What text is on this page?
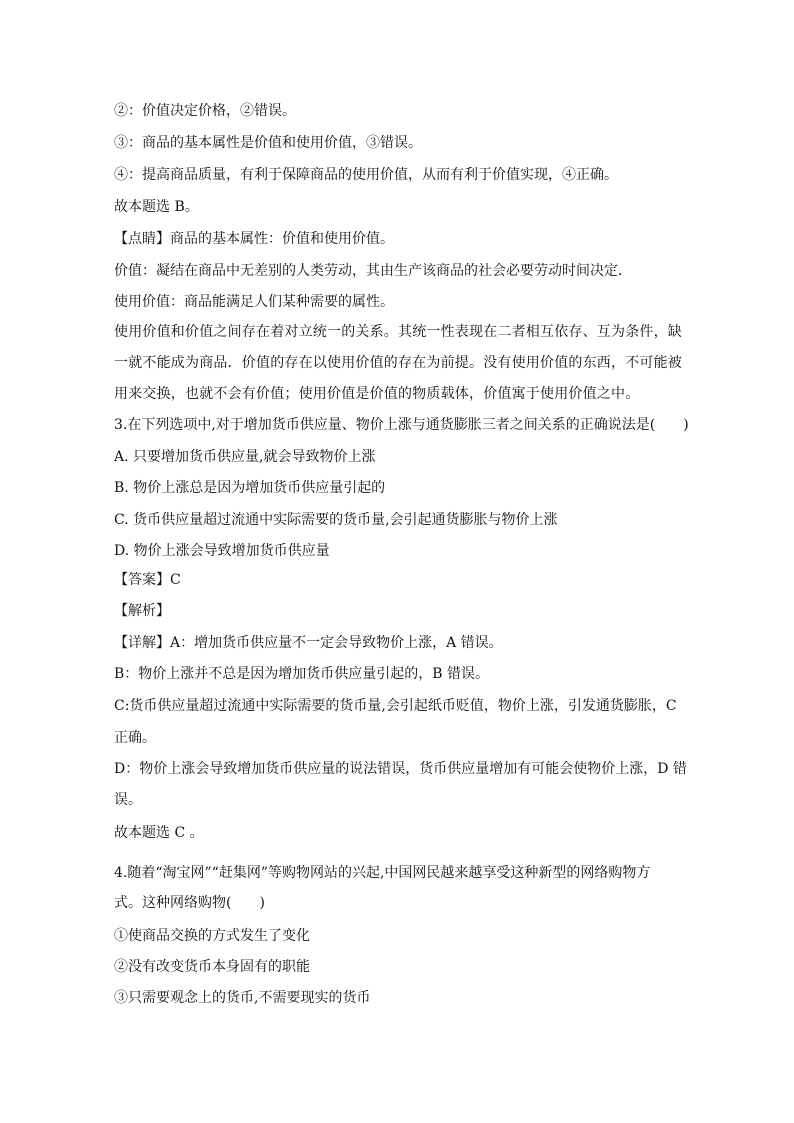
②：价值决定价格，②错误。
③：商品的基本属性是价值和使用价值，③错误。
④：提高商品质量，有利于保障商品的使用价值，从而有利于价值实现，④正确。
故本题选 B。
【点睛】商品的基本属性：价值和使用价值。
价值：凝结在商品中无差别的人类劳动，其由生产该商品的社会必要劳动时间决定．
使用价值：商品能满足人们某种需要的属性。
使用价值和价值之间存在着对立统一的关系。其统一性表现在二者相互依存、互为条件，缺
一就不能成为商品．价值的存在以使用价值的存在为前提。没有使用价值的东西，不可能被
用来交换，也就不会有价值；使用价值是价值的物质载体，价值寓于使用价值之中。
3.在下列选项中,对于增加货币供应量、物价上涨与通货膨胀三者之间关系的正确说法是(　　)
A. 只要增加货币供应量,就会导致物价上涨
B. 物价上涨总是因为增加货币供应量引起的
C. 货币供应量超过流通中实际需要的货币量,会引起通货膨胀与物价上涨
D. 物价上涨会导致增加货币供应量
【答案】C
【解析】
【详解】A：增加货币供应量不一定会导致物价上涨，A 错误。
B：物价上涨并不总是因为增加货币供应量引起的，B 错误。
C:货币供应量超过流通中实际需要的货币量,会引起纸币贬值，物价上涨，引发通货膨胀，C
正确。
D：物价上涨会导致增加货币供应量的说法错误，货币供应量增加有可能会使物价上涨，D 错
误。
故本题选 C 。
4.随着“淘宝网”“赶集网”等购物网站的兴起,中国网民越来越享受这种新型的网络购物方
式。这种网络购物(　　)
①使商品交换的方式发生了变化
②没有改变货币本身固有的职能
③只需要观念上的货币,不需要现实的货币
